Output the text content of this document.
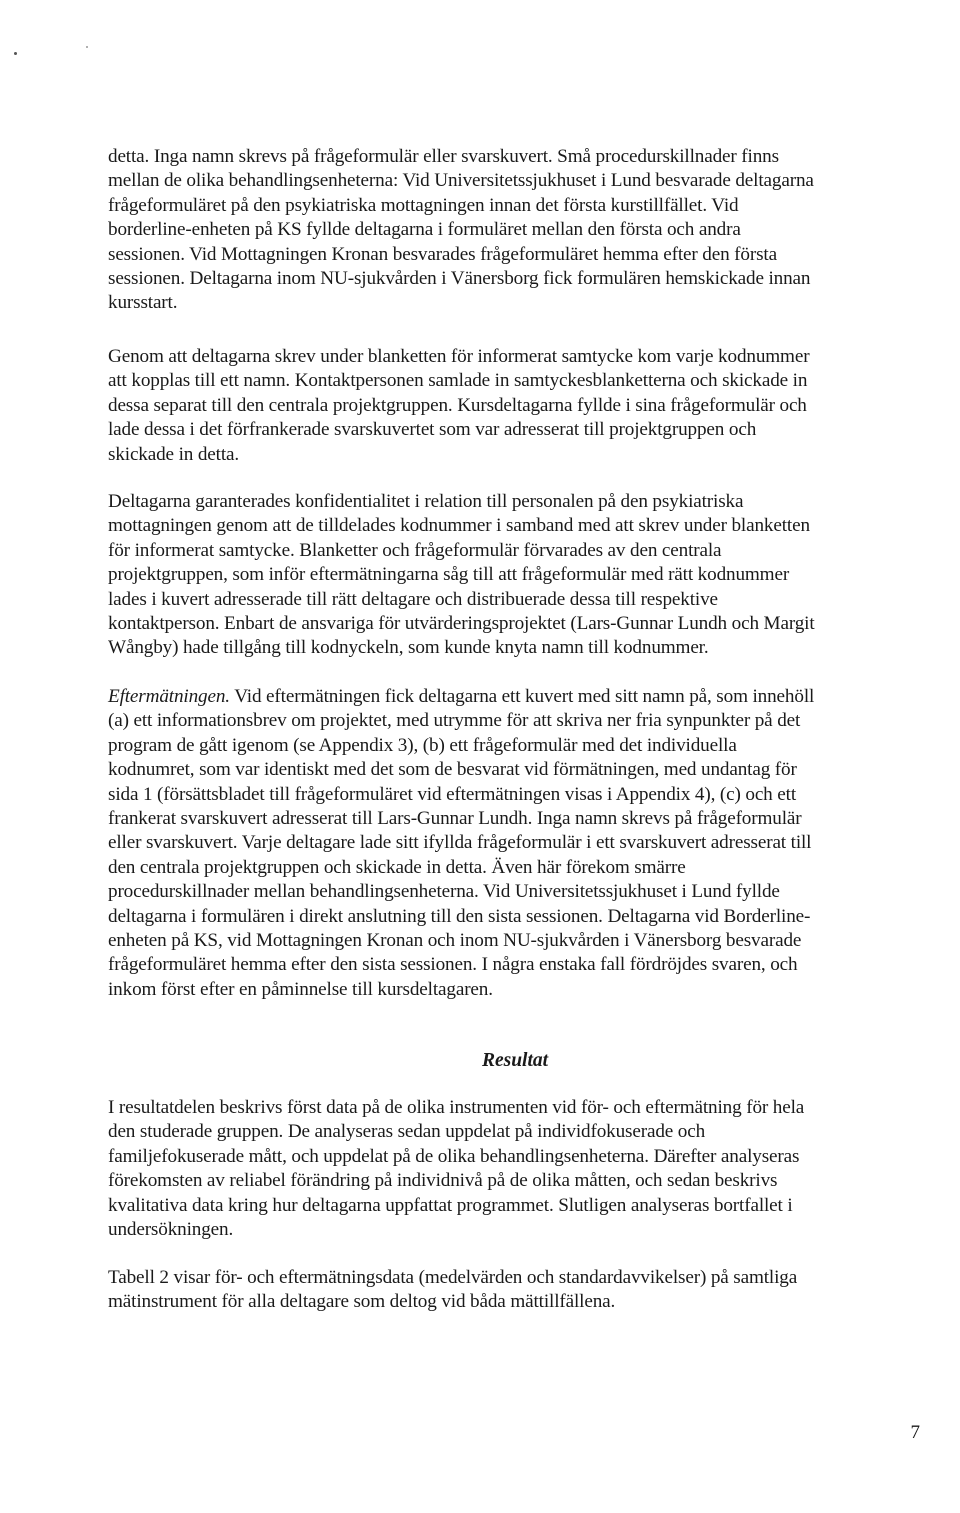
detta. Inga namn skrevs på frågeformulär eller svarskuvert. Små procedurskillnader finns
mellan de olika behandlingsenheterna: Vid Universitetssjukhuset i Lund besvarade deltagarna
frågeformuläret på den psykiatriska mottagningen innan det första kurstillfället. Vid
borderline-enheten på KS fyllde deltagarna i formuläret mellan den första och andra
sessionen. Vid Mottagningen Kronan besvarades frågeformuläret hemma efter den första
sessionen. Deltagarna inom NU-sjukvården i Vänersborg fick formulären hemskickade innan
kursstart.

Genom att deltagarna skrev under blanketten för informerat samtycke kom varje kodnummer
att kopplas till ett namn. Kontaktpersonen samlade in samtyckesblanketterna och skickade in
dessa separat till den centrala projektgruppen. Kursdeltagarna fyllde i sina frågeformulär och
lade dessa i det förfrankerade svarskuvertet som var adresserat till projektgruppen och
skickade in detta.

Deltagarna garanterades konfidentialitet i relation till personalen på den psykiatriska
mottagningen genom att de tilldelades kodnummer i samband med att skrev under blanketten
för informerat samtycke. Blanketter och frågeformulär förvarades av den centrala
projektgruppen, som inför eftermätningarna såg till att frågeformulär med rätt kodnummer
lades i kuvert adresserade till rätt deltagare och distribuerade dessa till respektive
kontaktperson. Enbart de ansvariga för utvärderingsprojektet (Lars-Gunnar Lundh och Margit
Wångby) hade tillgång till kodnyckeln, som kunde knyta namn till kodnummer.

Eftermätningen. Vid eftermätningen fick deltagarna ett kuvert med sitt namn på, som innehöll
(a) ett informationsbrev om projektet, med utrymme för att skriva ner fria synpunkter på det
program de gått igenom (se Appendix 3), (b) ett frågeformulär med det individuella
kodnumret, som var identiskt med det som de besvarat vid förmätningen, med undantag för
sida 1 (försättsbladet till frågeformuläret vid eftermätningen visas i Appendix 4), (c) och ett
frankerat svarskuvert adresserat till Lars-Gunnar Lundh. Inga namn skrevs på frågeformulär
eller svarskuvert. Varje deltagare lade sitt ifyllda frågeformulär i ett svarskuvert adresserat till
den centrala projektgruppen och skickade in detta. Även här förekom smärre
procedurskillnader mellan behandlingsenheterna. Vid Universitetssjukhuset i Lund fyllde
deltagarna i formulären i direkt anslutning till den sista sessionen. Deltagarna vid Borderline-
enheten på KS, vid Mottagningen Kronan och inom NU-sjukvården i Vänersborg besvarade
frågeformuläret hemma efter den sista sessionen. I några enstaka fall fördröjdes svaren, och
inkom först efter en påminnelse till kursdeltagaren.

Resultat

I resultatdelen beskrivs först data på de olika instrumenten vid för- och eftermätning för hela
den studerade gruppen. De analyseras sedan uppdelat på individfokuserade och
familjefokuserade mått, och uppdelat på de olika behandlingsenheterna. Därefter analyseras
förekomsten av reliabel förändring på individnivå på de olika måtten, och sedan beskrivs
kvalitativa data kring hur deltagarna uppfattat programmet. Slutligen analyseras bortfallet i
undersökningen.

Tabell 2 visar för- och eftermätningsdata (medelvärden och standardavvikelser) på samtliga
mätinstrument för alla deltagare som deltog vid båda mättillfällena.

7
